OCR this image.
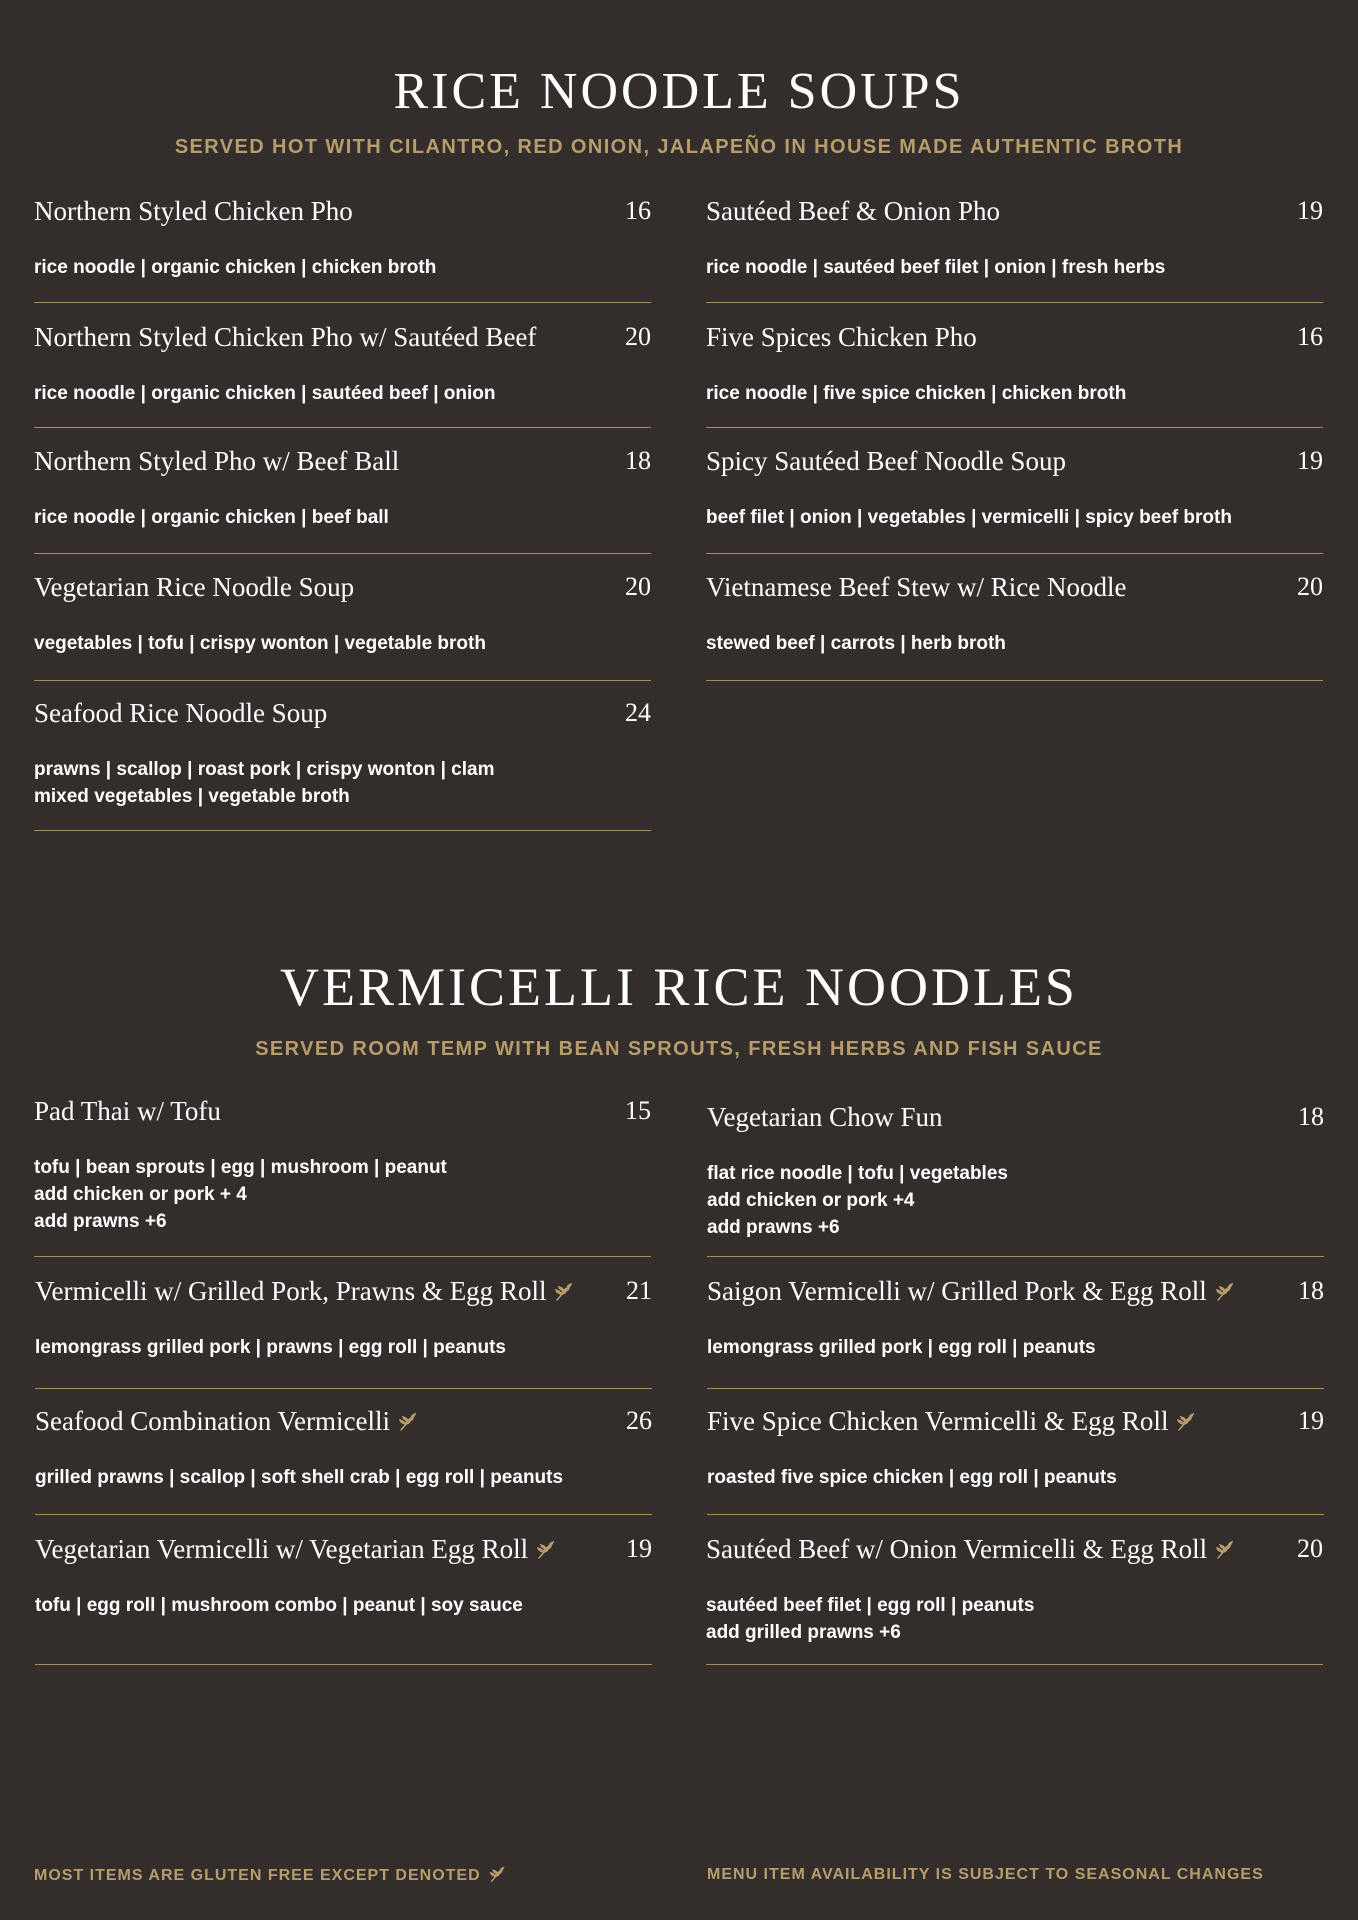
RICE NOODLE SOUPS

SERVED HOT WITH CILANTRO, RED ONION, JALAPEÑO IN HOUSE MADE AUTHENTIC BROTH

Northern Styled Chicken Pho	16
rice noodle | organic chicken | chicken broth
Sautéed Beef & Onion Pho	19
rice noodle | sautéed beef filet | onion | fresh herbs
Northern Styled Chicken Pho w/ Sautéed Beef	20
rice noodle | organic chicken | sautéed beef | onion
Five Spices Chicken Pho	16
rice noodle | five spice chicken | chicken broth
Northern Styled Pho w/ Beef Ball	18
rice noodle | organic chicken | beef ball
Spicy Sautéed Beef Noodle Soup	19
beef filet | onion | vegetables | vermicelli | spicy beef broth
Vegetarian Rice Noodle Soup	20
vegetables | tofu | crispy wonton | vegetable broth
Vietnamese Beef Stew w/ Rice Noodle	20
stewed beef | carrots | herb broth
Seafood Rice Noodle Soup	24
prawns | scallop | roast pork | crispy wonton | clam
mixed vegetables | vegetable broth
VERMICELLI RICE NOODLES

SERVED ROOM TEMP WITH BEAN SPROUTS, FRESH HERBS AND FISH SAUCE

Pad Thai w/ Tofu	15
tofu | bean sprouts | egg | mushroom | peanut
add chicken or pork + 4
add prawns +6
Vegetarian Chow Fun	18
flat rice noodle | tofu | vegetables
add chicken or pork +4
add prawns +6
Vermicelli w/ Grilled Pork, Prawns & Egg Roll	21
lemongrass grilled pork | prawns | egg roll | peanuts
Saigon Vermicelli w/ Grilled Pork & Egg Roll	18
lemongrass grilled pork | egg roll | peanuts
Seafood Combination Vermicelli	26
grilled prawns | scallop | soft shell crab | egg roll | peanuts
Five Spice Chicken Vermicelli & Egg Roll	19
roasted five spice chicken | egg roll | peanuts
Vegetarian Vermicelli w/ Vegetarian Egg Roll	19
tofu | egg roll | mushroom combo | peanut | soy sauce
Sautéed Beef w/ Onion Vermicelli & Egg Roll	20
sautéed beef filet | egg roll | peanuts
add grilled prawns +6
MOST ITEMS ARE GLUTEN FREE EXCEPT DENOTED	MENU ITEM AVAILABILITY IS SUBJECT TO SEASONAL CHANGES
